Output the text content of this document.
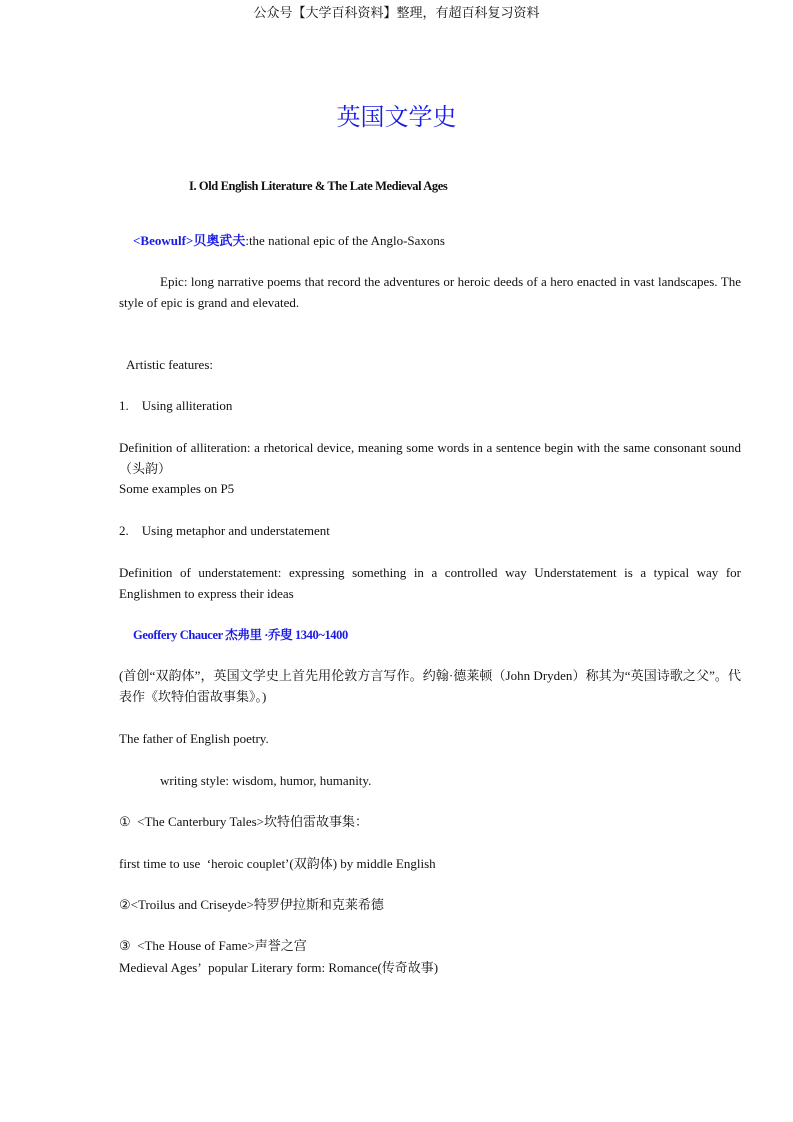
公众号【大学百科资料】整理，有超百科复习资料
英国文学史
I. Old English Literature & The Late Medieval Ages
<Beowulf>贝奥武夫:the national epic of the Anglo-Saxons
Epic: long narrative poems that record the adventures or heroic deeds of a hero enacted in vast landscapes. The style of epic is grand and elevated.
Artistic features:
1.    Using alliteration
Definition of alliteration: a rhetorical device, meaning some words in a sentence begin with the same consonant sound（头韵）
Some examples on P5
2.    Using metaphor and understatement
Definition of understatement: expressing something in a controlled way Understatement is a typical way for Englishmen to express their ideas
Geoffery Chaucer 杰弗里 ·乔叟 1340~1400
(首创“双韵体”，英国文学史上首先用伦敦方言写作。约翰·德莱顿（John Dryden）称其为“英国诗歌之父”。代表作《坎特伯雷故事集》。)
The father of English poetry.
writing style: wisdom, humor, humanity.
①  <The Canterbury Tales>坎特伯雷故事集：
first time to use  ‘heroic couplet’(双韵体) by middle English
②<Troilus and Criseyde>特罗伊拉斯和克莱希德
③  <The House of Fame>声誉之宫
Medieval Ages’  popular Literary form: Romance(传奇故事)
